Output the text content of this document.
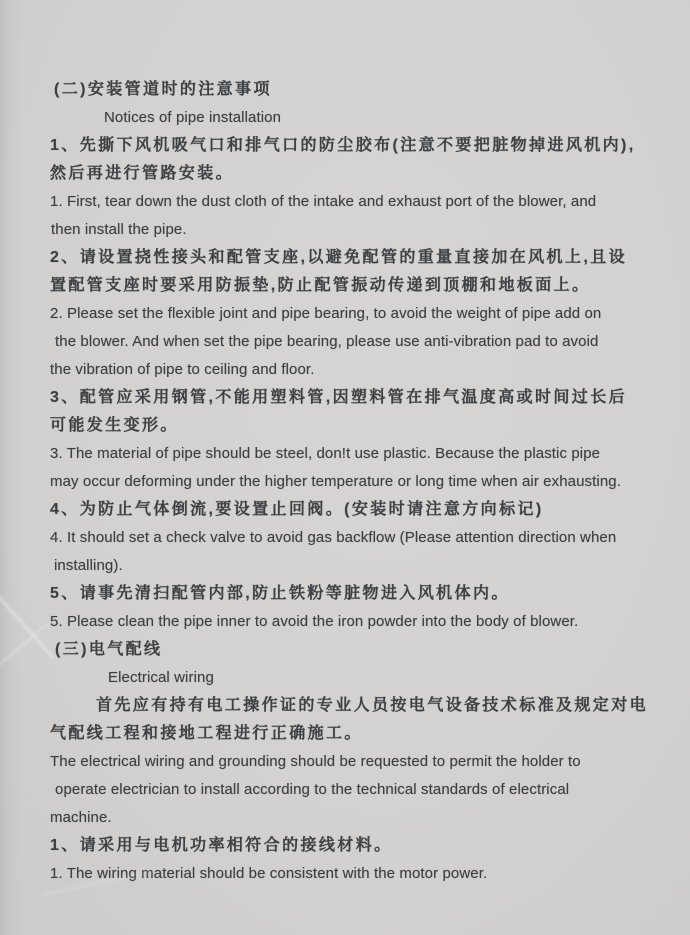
(二)安装管道时的注意事项
Notices of pipe installation
1、先撕下风机吸气口和排气口的防尘胶布(注意不要把脏物掉进风机内),
然后再进行管路安装。
1. First, tear down the dust cloth of the intake and exhaust port of the blower, and
then install the pipe.
2、请设置挠性接头和配管支座,以避免配管的重量直接加在风机上,且设
置配管支座时要采用防振垫,防止配管振动传递到顶棚和地板面上。
2. Please set the flexible joint and pipe bearing, to avoid the weight of pipe add on
the blower. And when set the pipe bearing, please use anti-vibration pad to avoid
the vibration of pipe to ceiling and floor.
3、配管应采用钢管,不能用塑料管,因塑料管在排气温度高或时间过长后
可能发生变形。
3. The material of pipe should be steel, don!t use plastic. Because the plastic pipe
may occur deforming under the higher temperature or long time when air exhausting.
4、为防止气体倒流,要设置止回阀。(安装时请注意方向标记)
4. It should set a check valve to avoid gas backflow (Please attention direction when
installing).
5、请事先清扫配管内部,防止铁粉等脏物进入风机体内。
5. Please clean the pipe inner to avoid the iron powder into the body of blower.
(三)电气配线
Electrical wiring
首先应有持有电工操作证的专业人员按电气设备技术标准及规定对电
气配线工程和接地工程进行正确施工。
The electrical wiring and grounding should be requested to permit the holder to
operate electrician to install according to the technical standards of electrical
machine.
1、请采用与电机功率相符合的接线材料。
1. The wiring material should be consistent with the motor power.
